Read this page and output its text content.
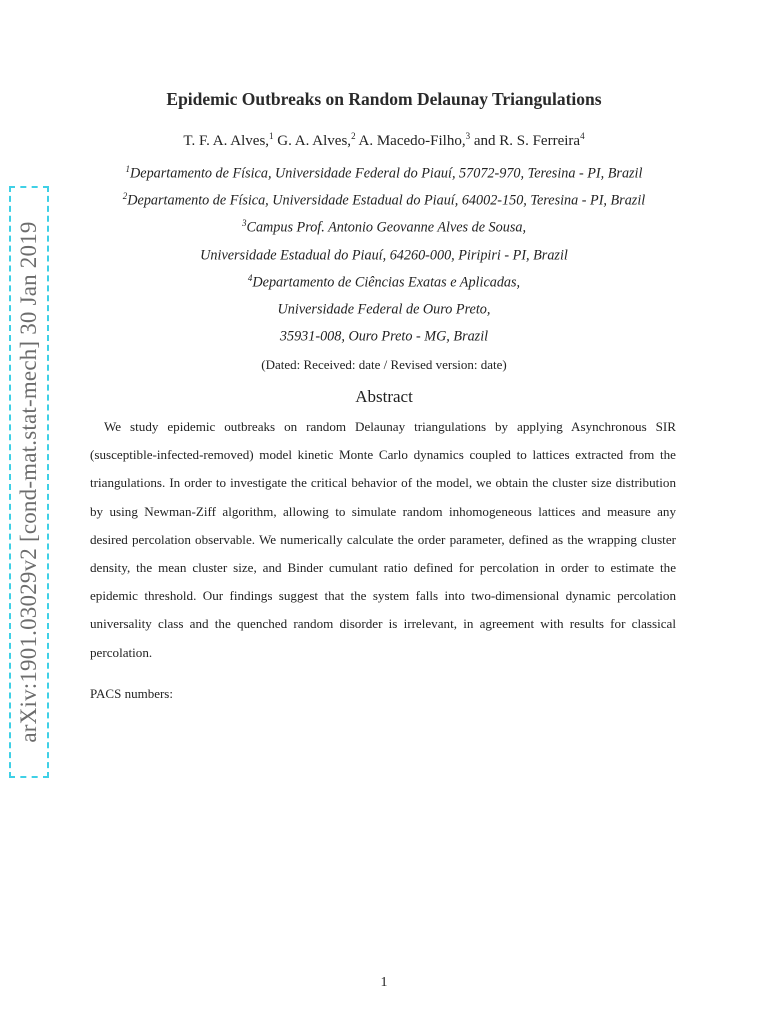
arXiv:1901.03029v2 [cond-mat.stat-mech] 30 Jan 2019
Epidemic Outbreaks on Random Delaunay Triangulations
T. F. A. Alves,$^1$ G. A. Alves,$^2$ A. Macedo-Filho,$^3$ and R. S. Ferreira$^4$
$^1$Departamento de Física, Universidade Federal do Piauí, 57072-970, Teresina - PI, Brazil
$^2$Departamento de Física, Universidade Estadual do Piauí, 64002-150, Teresina - PI, Brazil
$^3$Campus Prof. Antonio Geovanne Alves de Sousa,
Universidade Estadual do Piauí, 64260-000, Piripiri - PI, Brazil
$^4$Departamento de Ciências Exatas e Aplicadas,
Universidade Federal de Ouro Preto,
35931-008, Ouro Preto - MG, Brazil
(Dated: Received: date / Revised version: date)
Abstract
We study epidemic outbreaks on random Delaunay triangulations by applying Asynchronous SIR (susceptible-infected-removed) model kinetic Monte Carlo dynamics coupled to lattices extracted from the triangulations. In order to investigate the critical behavior of the model, we obtain the cluster size distribution by using Newman-Ziff algorithm, allowing to simulate random inhomogeneous lattices and measure any desired percolation observable. We numerically calculate the order parameter, defined as the wrapping cluster density, the mean cluster size, and Binder cumulant ratio defined for percolation in order to estimate the epidemic threshold. Our findings suggest that the system falls into two-dimensional dynamic percolation universality class and the quenched random disorder is irrelevant, in agreement with results for classical percolation.
PACS numbers:
1
